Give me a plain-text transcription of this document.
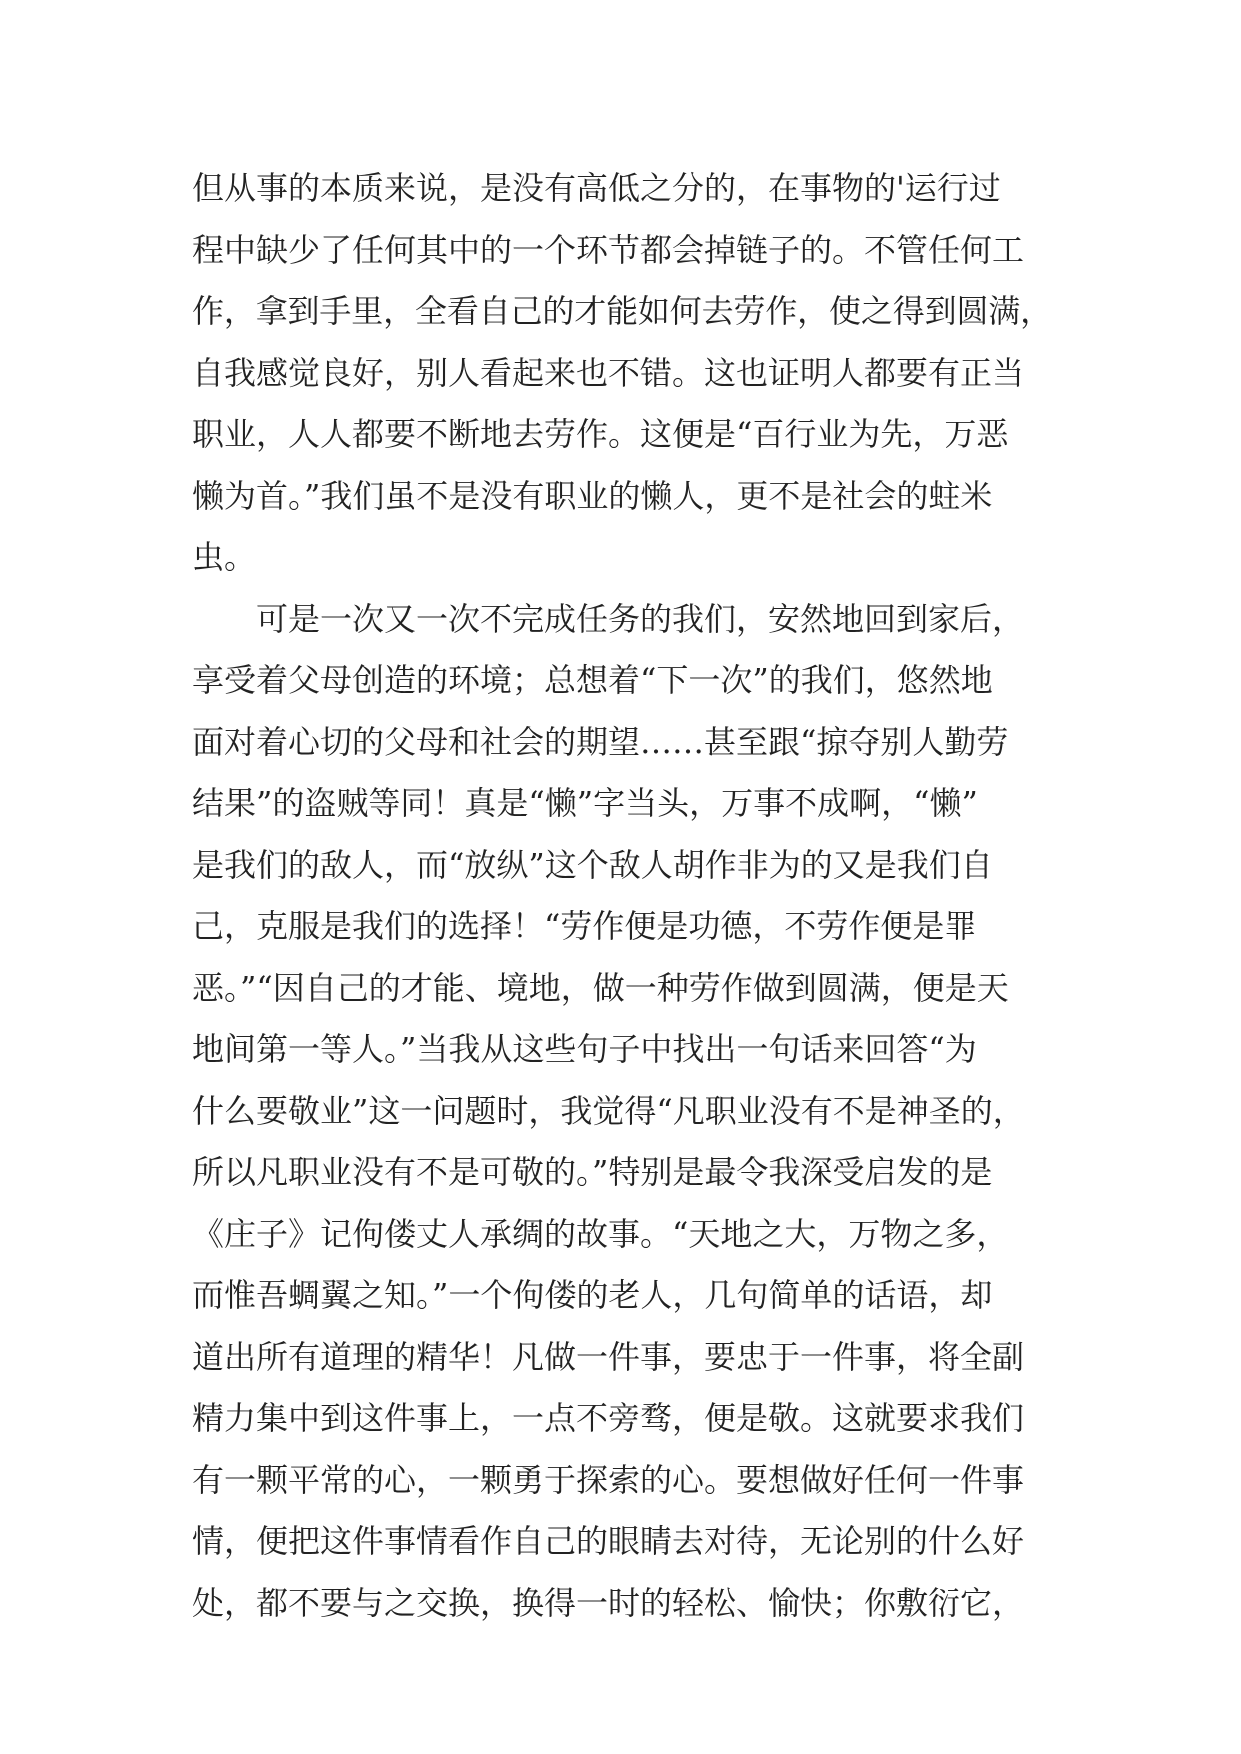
但从事的本质来说，是没有高低之分的，在事物的'运行过
程中缺少了任何其中的一个环节都会掉链子的。不管任何工
作，拿到手里，全看自己的才能如何去劳作，使之得到圆满，
自我感觉良好，别人看起来也不错。这也证明人都要有正当
职业，人人都要不断地去劳作。这便是“百行业为先，万恶
懒为首。”我们虽不是没有职业的懒人，更不是社会的蛀米
虫。
　　可是一次又一次不完成任务的我们，安然地回到家后，
享受着父母创造的环境；总想着“下一次”的我们，悠然地
面对着心切的父母和社会的期望……甚至跟“掠夺别人勤劳
结果”的盗贼等同！真是“懒”字当头，万事不成啊，“懒”
是我们的敌人，而“放纵”这个敌人胡作非为的又是我们自
己，克服是我们的选择！“劳作便是功德，不劳作便是罪
恶。”“因自己的才能、境地，做一种劳作做到圆满，便是天
地间第一等人。”当我从这些句子中找出一句话来回答“为
什么要敬业”这一问题时，我觉得“凡职业没有不是神圣的，
所以凡职业没有不是可敬的。”特别是最令我深受启发的是
《庄子》记佝偻丈人承绸的故事。“天地之大，万物之多，
而惟吾蜩翼之知。”一个佝偻的老人，几句简单的话语，却
道出所有道理的精华！凡做一件事，要忠于一件事，将全副
精力集中到这件事上，一点不旁骛，便是敬。这就要求我们
有一颗平常的心，一颗勇于探索的心。要想做好任何一件事
情，便把这件事情看作自己的眼睛去对待，无论别的什么好
处，都不要与之交换，换得一时的轻松、愉快；你敷衍它，
